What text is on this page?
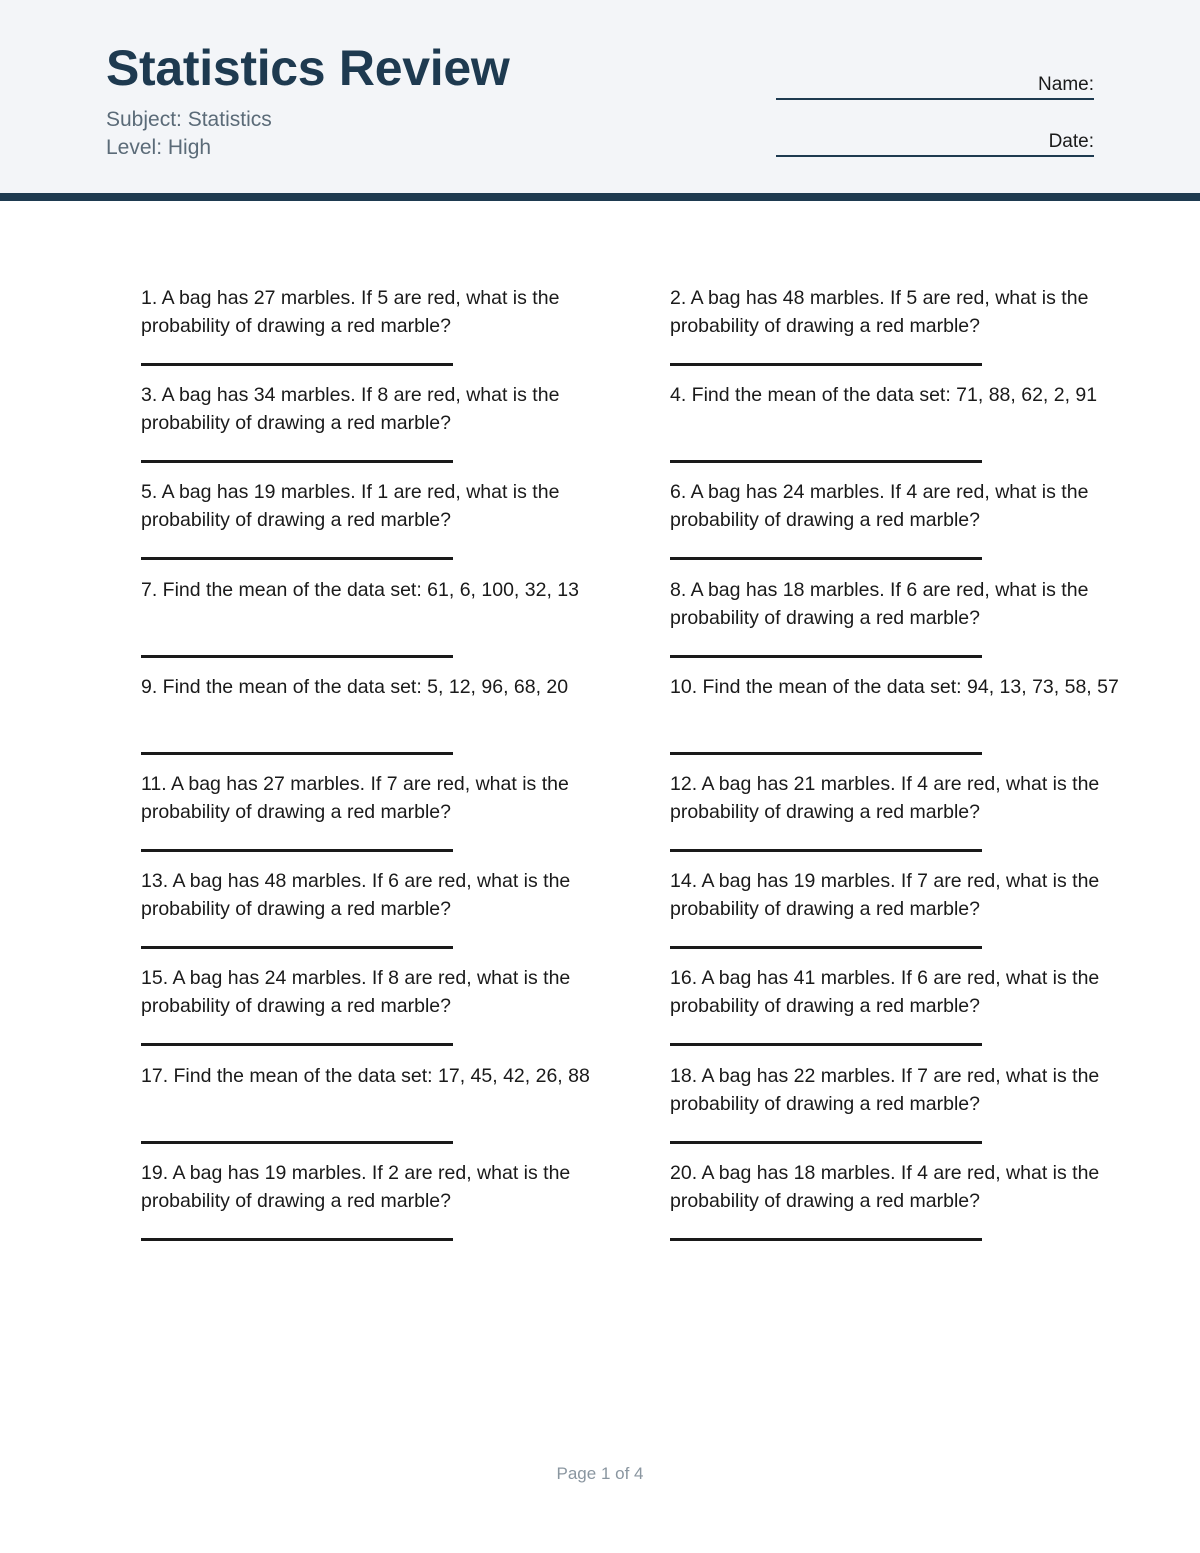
Statistics Review
Subject: Statistics
Level: High
Name:
Date:

1. A bag has 27 marbles. If 5 are red, what is the probability of drawing a red marble?

2. A bag has 48 marbles. If 5 are red, what is the probability of drawing a red marble?

3. A bag has 34 marbles. If 8 are red, what is the probability of drawing a red marble?

4. Find the mean of the data set: 71, 88, 62, 2, 91

5. A bag has 19 marbles. If 1 are red, what is the probability of drawing a red marble?

6. A bag has 24 marbles. If 4 are red, what is the probability of drawing a red marble?

7. Find the mean of the data set: 61, 6, 100, 32, 13	8. A bag has 18 marbles. If 6 are red, what is the probability of drawing a red marble?

9. Find the mean of the data set: 5, 12, 96, 68, 20	10. Find the mean of the data set: 94, 13, 73, 58, 57

11. A bag has 27 marbles. If 7 are red, what is the probability of drawing a red marble?

12. A bag has 21 marbles. If 4 are red, what is the probability of drawing a red marble?

13. A bag has 48 marbles. If 6 are red, what is the probability of drawing a red marble?

14. A bag has 19 marbles. If 7 are red, what is the probability of drawing a red marble?

15. A bag has 24 marbles. If 8 are red, what is the probability of drawing a red marble?

16. A bag has 41 marbles. If 6 are red, what is the probability of drawing a red marble?

17. Find the mean of the data set: 17, 45, 42, 26, 88	18. A bag has 22 marbles. If 7 are red, what is the probability of drawing a red marble?

19. A bag has 19 marbles. If 2 are red, what is the probability of drawing a red marble?

20. A bag has 18 marbles. If 4 are red, what is the probability of drawing a red marble?

Page 1 of 4
